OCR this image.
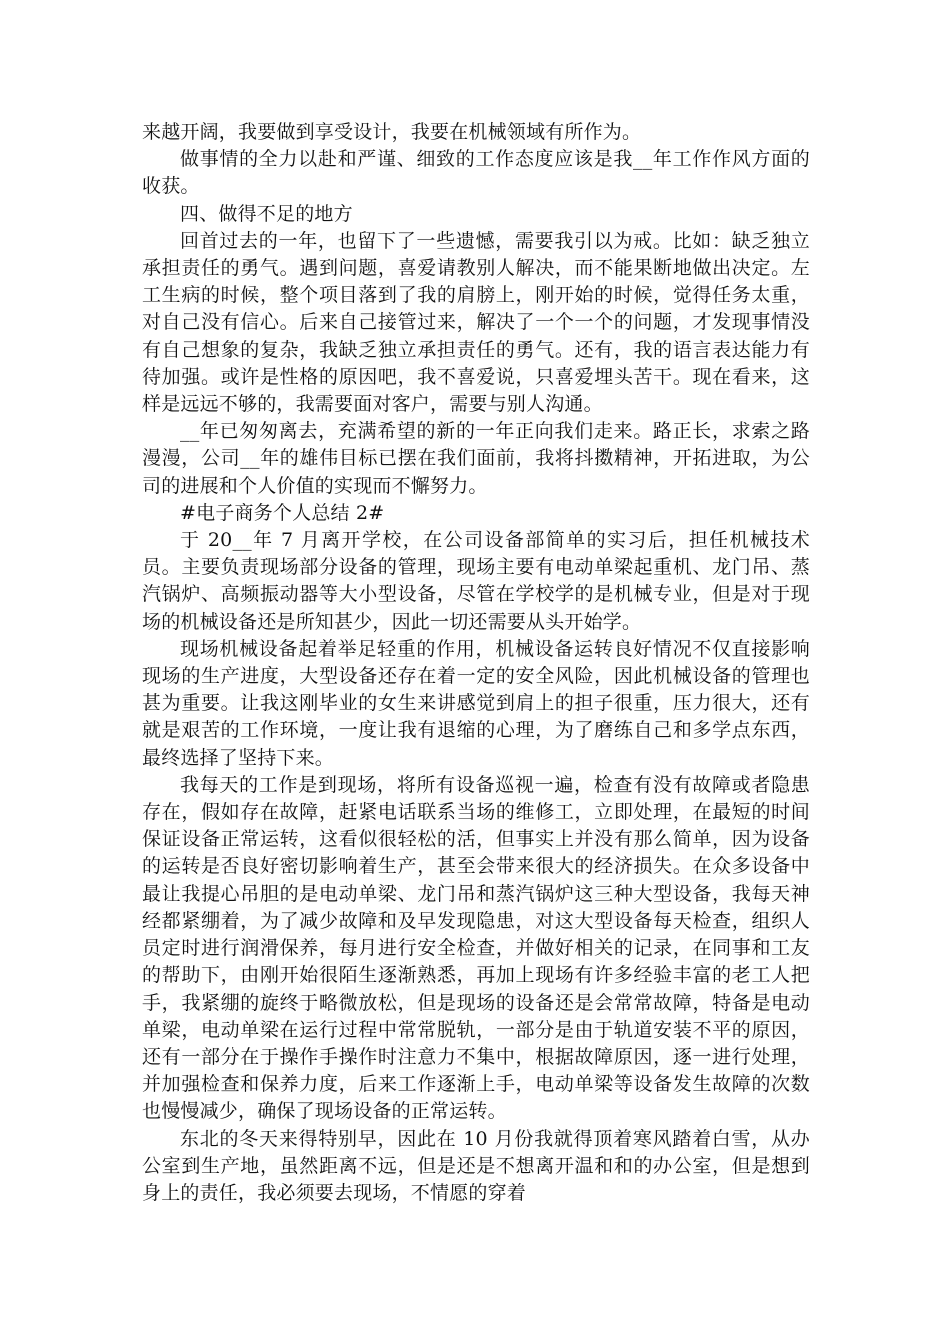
来越开阔，我要做到享受设计，我要在机械领域有所作为。

做事情的全力以赴和严谨、细致的工作态度应该是我__年工作作风方面的收获。

四、做得不足的地方

回首过去的一年，也留下了一些遗憾，需要我引以为戒。比如：缺乏独立承担责任的勇气。遇到问题，喜爱请教别人解决，而不能果断地做出决定。左工生病的时候，整个项目落到了我的肩膀上，刚开始的时候，觉得任务太重，对自己没有信心。后来自己接管过来，解决了一个一个的问题，才发现事情没有自己想象的复杂，我缺乏独立承担责任的勇气。还有，我的语言表达能力有待加强。或许是性格的原因吧，我不喜爱说，只喜爱埋头苦干。现在看来，这样是远远不够的，我需要面对客户，需要与别人沟通。

__年已匆匆离去，充满希望的新的一年正向我们走来。路正长，求索之路漫漫，公司__年的雄伟目标已摆在我们面前，我将抖擞精神，开拓进取，为公司的进展和个人价值的实现而不懈努力。

#电子商务个人总结 2#

于 20__年 7 月离开学校，在公司设备部简单的实习后，担任机械技术员。主要负责现场部分设备的管理，现场主要有电动单梁起重机、龙门吊、蒸汽锅炉、高频振动器等大小型设备，尽管在学校学的是机械专业，但是对于现场的机械设备还是所知甚少，因此一切还需要从头开始学。

现场机械设备起着举足轻重的作用，机械设备运转良好情况不仅直接影响现场的生产进度，大型设备还存在着一定的安全风险，因此机械设备的管理也甚为重要。让我这刚毕业的女生来讲感觉到肩上的担子很重，压力很大，还有就是艰苦的工作环境，一度让我有退缩的心理，为了磨练自己和多学点东西，最终选择了坚持下来。

我每天的工作是到现场，将所有设备巡视一遍，检查有没有故障或者隐患存在，假如存在故障，赶紧电话联系当场的维修工，立即处理，在最短的时间保证设备正常运转，这看似很轻松的活，但事实上并没有那么简单，因为设备的运转是否良好密切影响着生产，甚至会带来很大的经济损失。在众多设备中最让我提心吊胆的是电动单梁、龙门吊和蒸汽锅炉这三种大型设备，我每天神经都紧绷着，为了减少故障和及早发现隐患，对这大型设备每天检查，组织人员定时进行润滑保养，每月进行安全检查，并做好相关的记录，在同事和工友的帮助下，由刚开始很陌生逐渐熟悉，再加上现场有许多经验丰富的老工人把手，我紧绷的旋终于略微放松，但是现场的设备还是会常常故障，特备是电动单梁，电动单梁在运行过程中常常脱轨，一部分是由于轨道安装不平的原因，还有一部分在于操作手操作时注意力不集中，根据故障原因，逐一进行处理，并加强检查和保养力度，后来工作逐渐上手，电动单梁等设备发生故障的次数也慢慢减少，确保了现场设备的正常运转。

东北的冬天来得特别早，因此在 10 月份我就得顶着寒风踏着白雪，从办公室到生产地，虽然距离不远，但是还是不想离开温和和的办公室，但是想到身上的责任，我必须要去现场，不情愿的穿着
